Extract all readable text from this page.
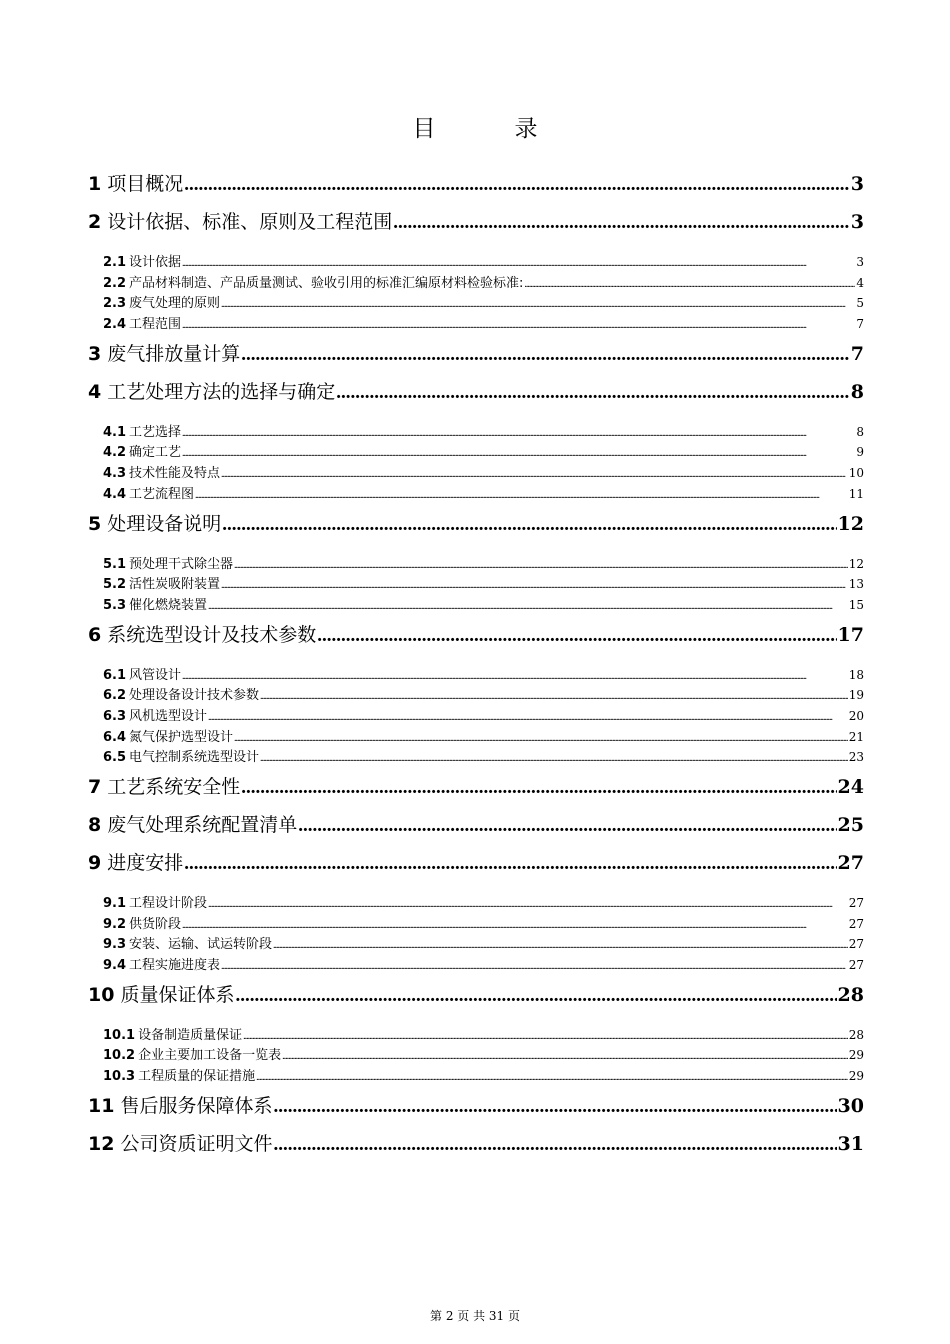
目　录
1 项目概况 .....	3
2 设计依据、标准、原则及工程范围 .....	3
2.1 设计依据 .....	3
2.2 产品材料制造、产品质量测试、验收引用的标准汇编原材料检验标准: .....	4
2.3 废气处理的原则 .....	5
2.4 工程范围 .....	7
3 废气排放量计算 .....	7
4 工艺处理方法的选择与确定 .....	8
4.1 工艺选择 .....	8
4.2 确定工艺 .....	9
4.3 技术性能及特点 .....	10
4.4 工艺流程图 .....	11
5 处理设备说明 .....	12
5.1 预处理干式除尘器 .....	12
5.2 活性炭吸附装置 .....	13
5.3 催化燃烧装置 .....	15
6 系统选型设计及技术参数 .....	17
6.1 风管设计 .....	18
6.2 处理设备设计技术参数 .....	19
6.3 风机选型设计 .....	20
6.4 氮气保护选型设计 .....	21
6.5 电气控制系统选型设计 .....	23
7 工艺系统安全性 .....	24
8 废气处理系统配置清单 .....	25
9 进度安排 .....	27
9.1 工程设计阶段 .....	27
9.2 供货阶段 .....	27
9.3 安装、运输、试运转阶段 .....	27
9.4 工程实施进度表 .....	27
10 质量保证体系 .....	28
10.1 设备制造质量保证 .....	28
10.2 企业主要加工设备一览表 .....	29
10.3 工程质量的保证措施 .....	29
11 售后服务保障体系 .....	30
12 公司资质证明文件 .....	31
第 2 页 共 31 页
